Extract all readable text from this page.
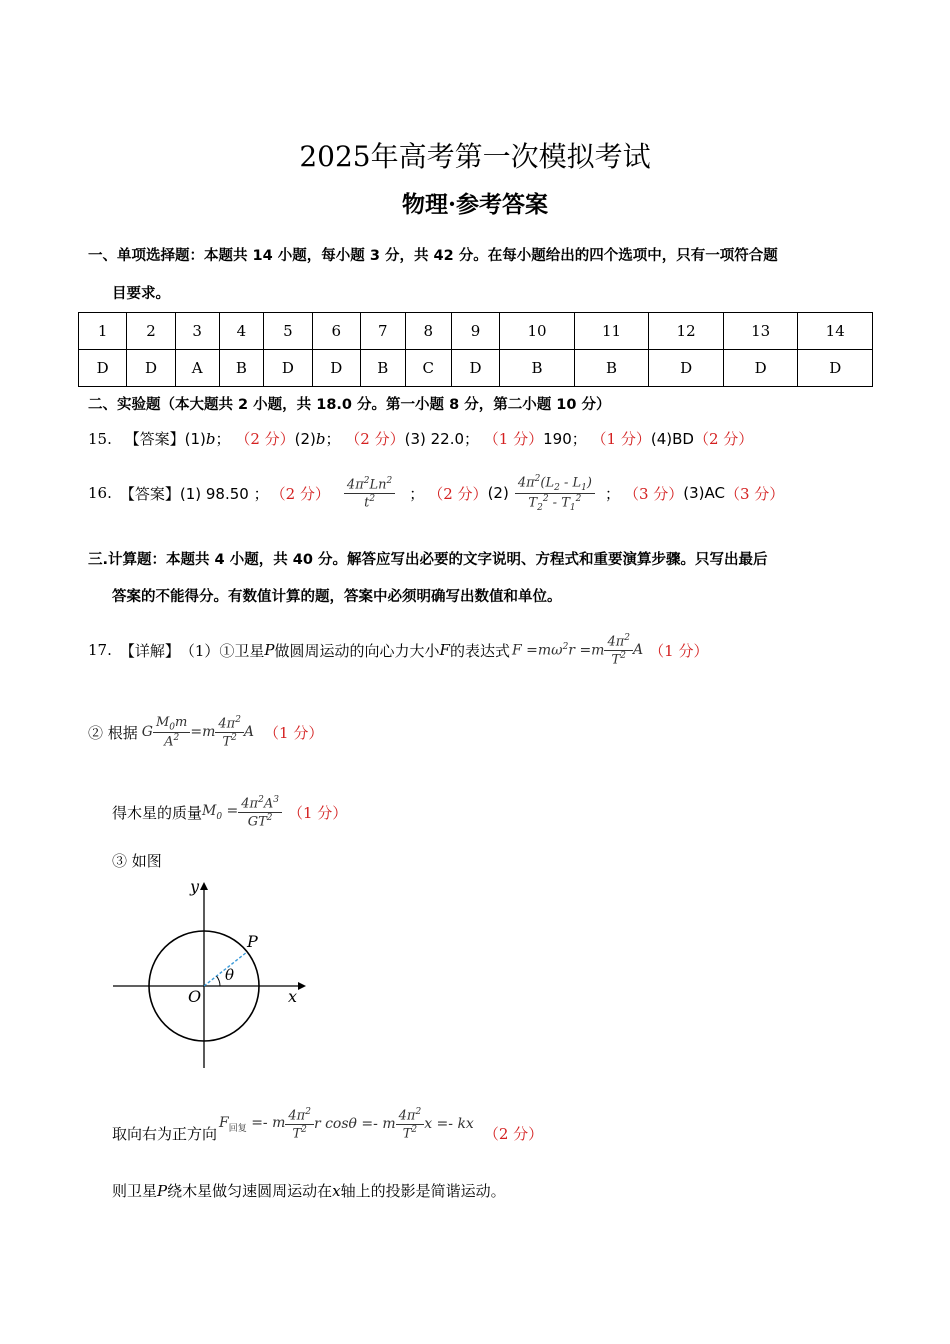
2025年高考第一次模拟考试
物理·参考答案
一、单项选择题：本题共 14 小题，每小题 3 分，共 42 分。在每小题给出的四个选项中，只有一项符合题
目要求。
1	2	3	4	5	6	7	8	9	10	11	12	13	14
D	D	A	B	D	D	B	C	D	B	B	D	D	D
二、实验题（本大题共 2 小题，共 18.0 分。第一小题 8 分，第二小题 10 分）
15. 【答案】(1)b； （2 分）(2)b； （2 分）(3) 22.0； （1 分）190； （1 分）(4)BD（2 分）
16. 【答案】 (1) 98.50 ； （2 分） $\frac{4\pi^2Ln^2}{t^2}$ ； （2 分） $(2) \frac{4\pi^2(L_2 - L_1)}{T_2^2 - T_1^2}$ ； （3 分） (3)AC （3 分）
三.计算题：本题共 4 小题，共 40 分。解答应写出必要的文字说明、方程式和重要演算步骤。只写出最后
答案的不能得分。有数值计算的题，答案中必须明确写出数值和单位。
17. 【详解】 （1）①卫星 P 做圆周运动的向心力大小 F 的表达式 $F =m\omega^2r =m \frac{4\pi^2}{T^2}$ A （1 分）
② 根据 G $\frac{M_0m}{A^2} =m \frac{4\pi^2}{T^2}$ A （1 分）
得木星的质量 $M_0 = \frac{4\pi^2A^3}{GT^2} (1$ 分）
③ 如图
y
x
O
P
θ
取向右为正方向
$F_{回复} =- m \frac{4\pi^2}{T^2}$ r cosθ =- m $\frac{4\pi^2}{T^2}$ x =- kx
（2 分）
则卫星P绕木星做匀速圆周运动在x轴上的投影是简谐运动。
